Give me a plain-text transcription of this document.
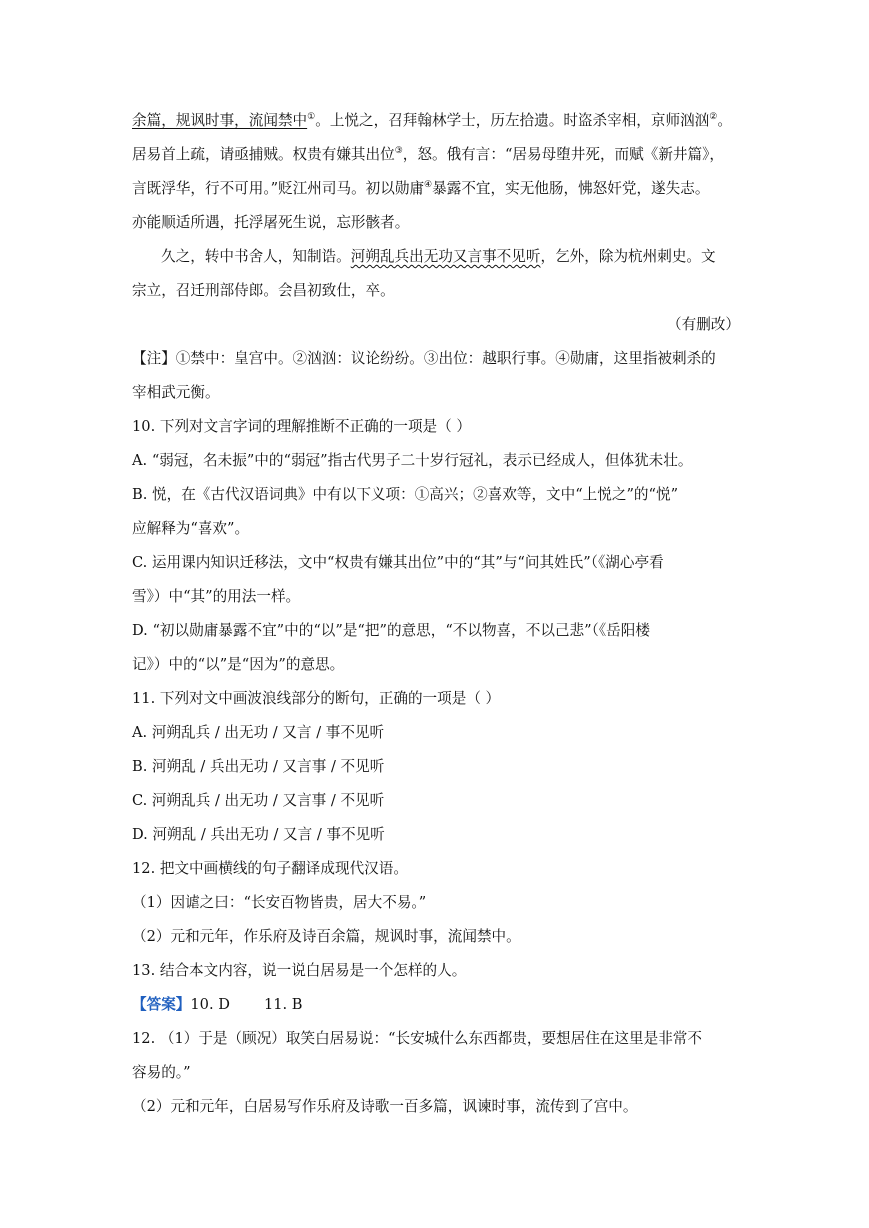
余篇，规讽时事，流闻禁中①。上悦之，召拜翰林学士，历左拾遗。时盗杀宰相，京师汹汹②。
居易首上疏，请亟捕贼。权贵有嫌其出位③，怒。俄有言：“居易母堕井死，而赋《新井篇》，
言既浮华，行不可用。”贬江州司马。初以勋庸④暴露不宜，实无他肠，怫怒奸党，遂失志。
亦能顺适所遇，托浮屠死生说，忘形骸者。
久之，转中书舍人，知制诰。河朔乱兵出无功又言事不见听，乞外，除为杭州刺史。文
宗立，召迁刑部侍郎。会昌初致仕，卒。
（有删改）
【注】①禁中：皇宫中。②汹汹：议论纷纷。③出位：越职行事。④勋庸，这里指被刺杀的
宰相武元衡。
10. 下列对文言字词的理解推断不正确的一项是（ ）
A. “弱冠，名未振”中的“弱冠”指古代男子二十岁行冠礼，表示已经成人，但体犹未壮。
B. 悦，在《古代汉语词典》中有以下义项：①高兴；②喜欢等，文中“上悦之”的“悦”
应解释为“喜欢”。
C. 运用课内知识迁移法，文中“权贵有嫌其出位”中的“其”与“问其姓氏”（《湖心亭看
雪》）中“其”的用法一样。
D. “初以勋庸暴露不宜”中的“以”是“把”的意思，“不以物喜，不以己悲”（《岳阳楼
记》）中的“以”是“因为”的意思。
11. 下列对文中画波浪线部分的断句，正确的一项是（ ）
A. 河朔乱兵 / 出无功 / 又言 / 事不见听
B. 河朔乱 / 兵出无功 / 又言事 / 不见听
C. 河朔乱兵 / 出无功 / 又言事 / 不见听
D. 河朔乱 / 兵出无功 / 又言 / 事不见听
12. 把文中画横线的句子翻译成现代汉语。
（1）因谑之曰：“长安百物皆贵，居大不易。”
（2）元和元年，作乐府及诗百余篇，规讽时事，流闻禁中。
13. 结合本文内容，说一说白居易是一个怎样的人。
【答案】10. D 11. B
12. （1）于是（顾况）取笑白居易说：“长安城什么东西都贵，要想居住在这里是非常不
容易的。”
（2）元和元年，白居易写作乐府及诗歌一百多篇，讽谏时事，流传到了宫中。
